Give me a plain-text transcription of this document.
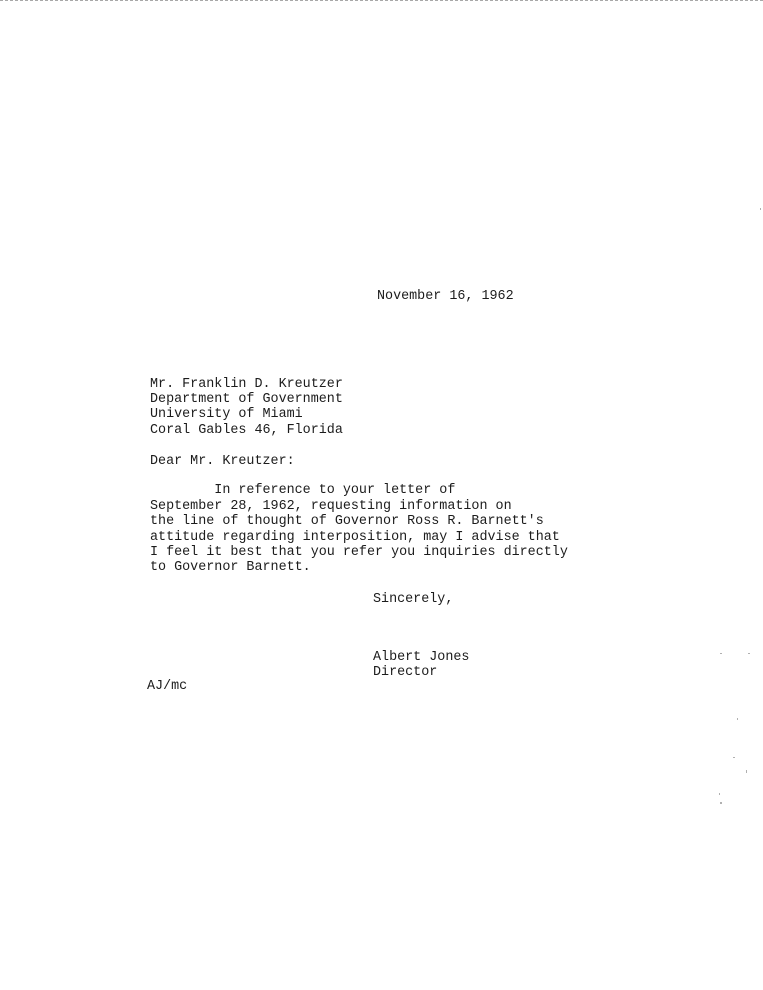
November 16, 1962
Mr. Franklin D. Kreutzer
Department of Government
University of Miami
Coral Gables 46, Florida
Dear Mr. Kreutzer:
In reference to your letter of
September 28, 1962, requesting information on
the line of thought of Governor Ross R. Barnett's
attitude regarding interposition, may I advise that
I feel it best that you refer you inquiries directly
to Governor Barnett.
Sincerely,
Albert Jones
Director
AJ/mc
